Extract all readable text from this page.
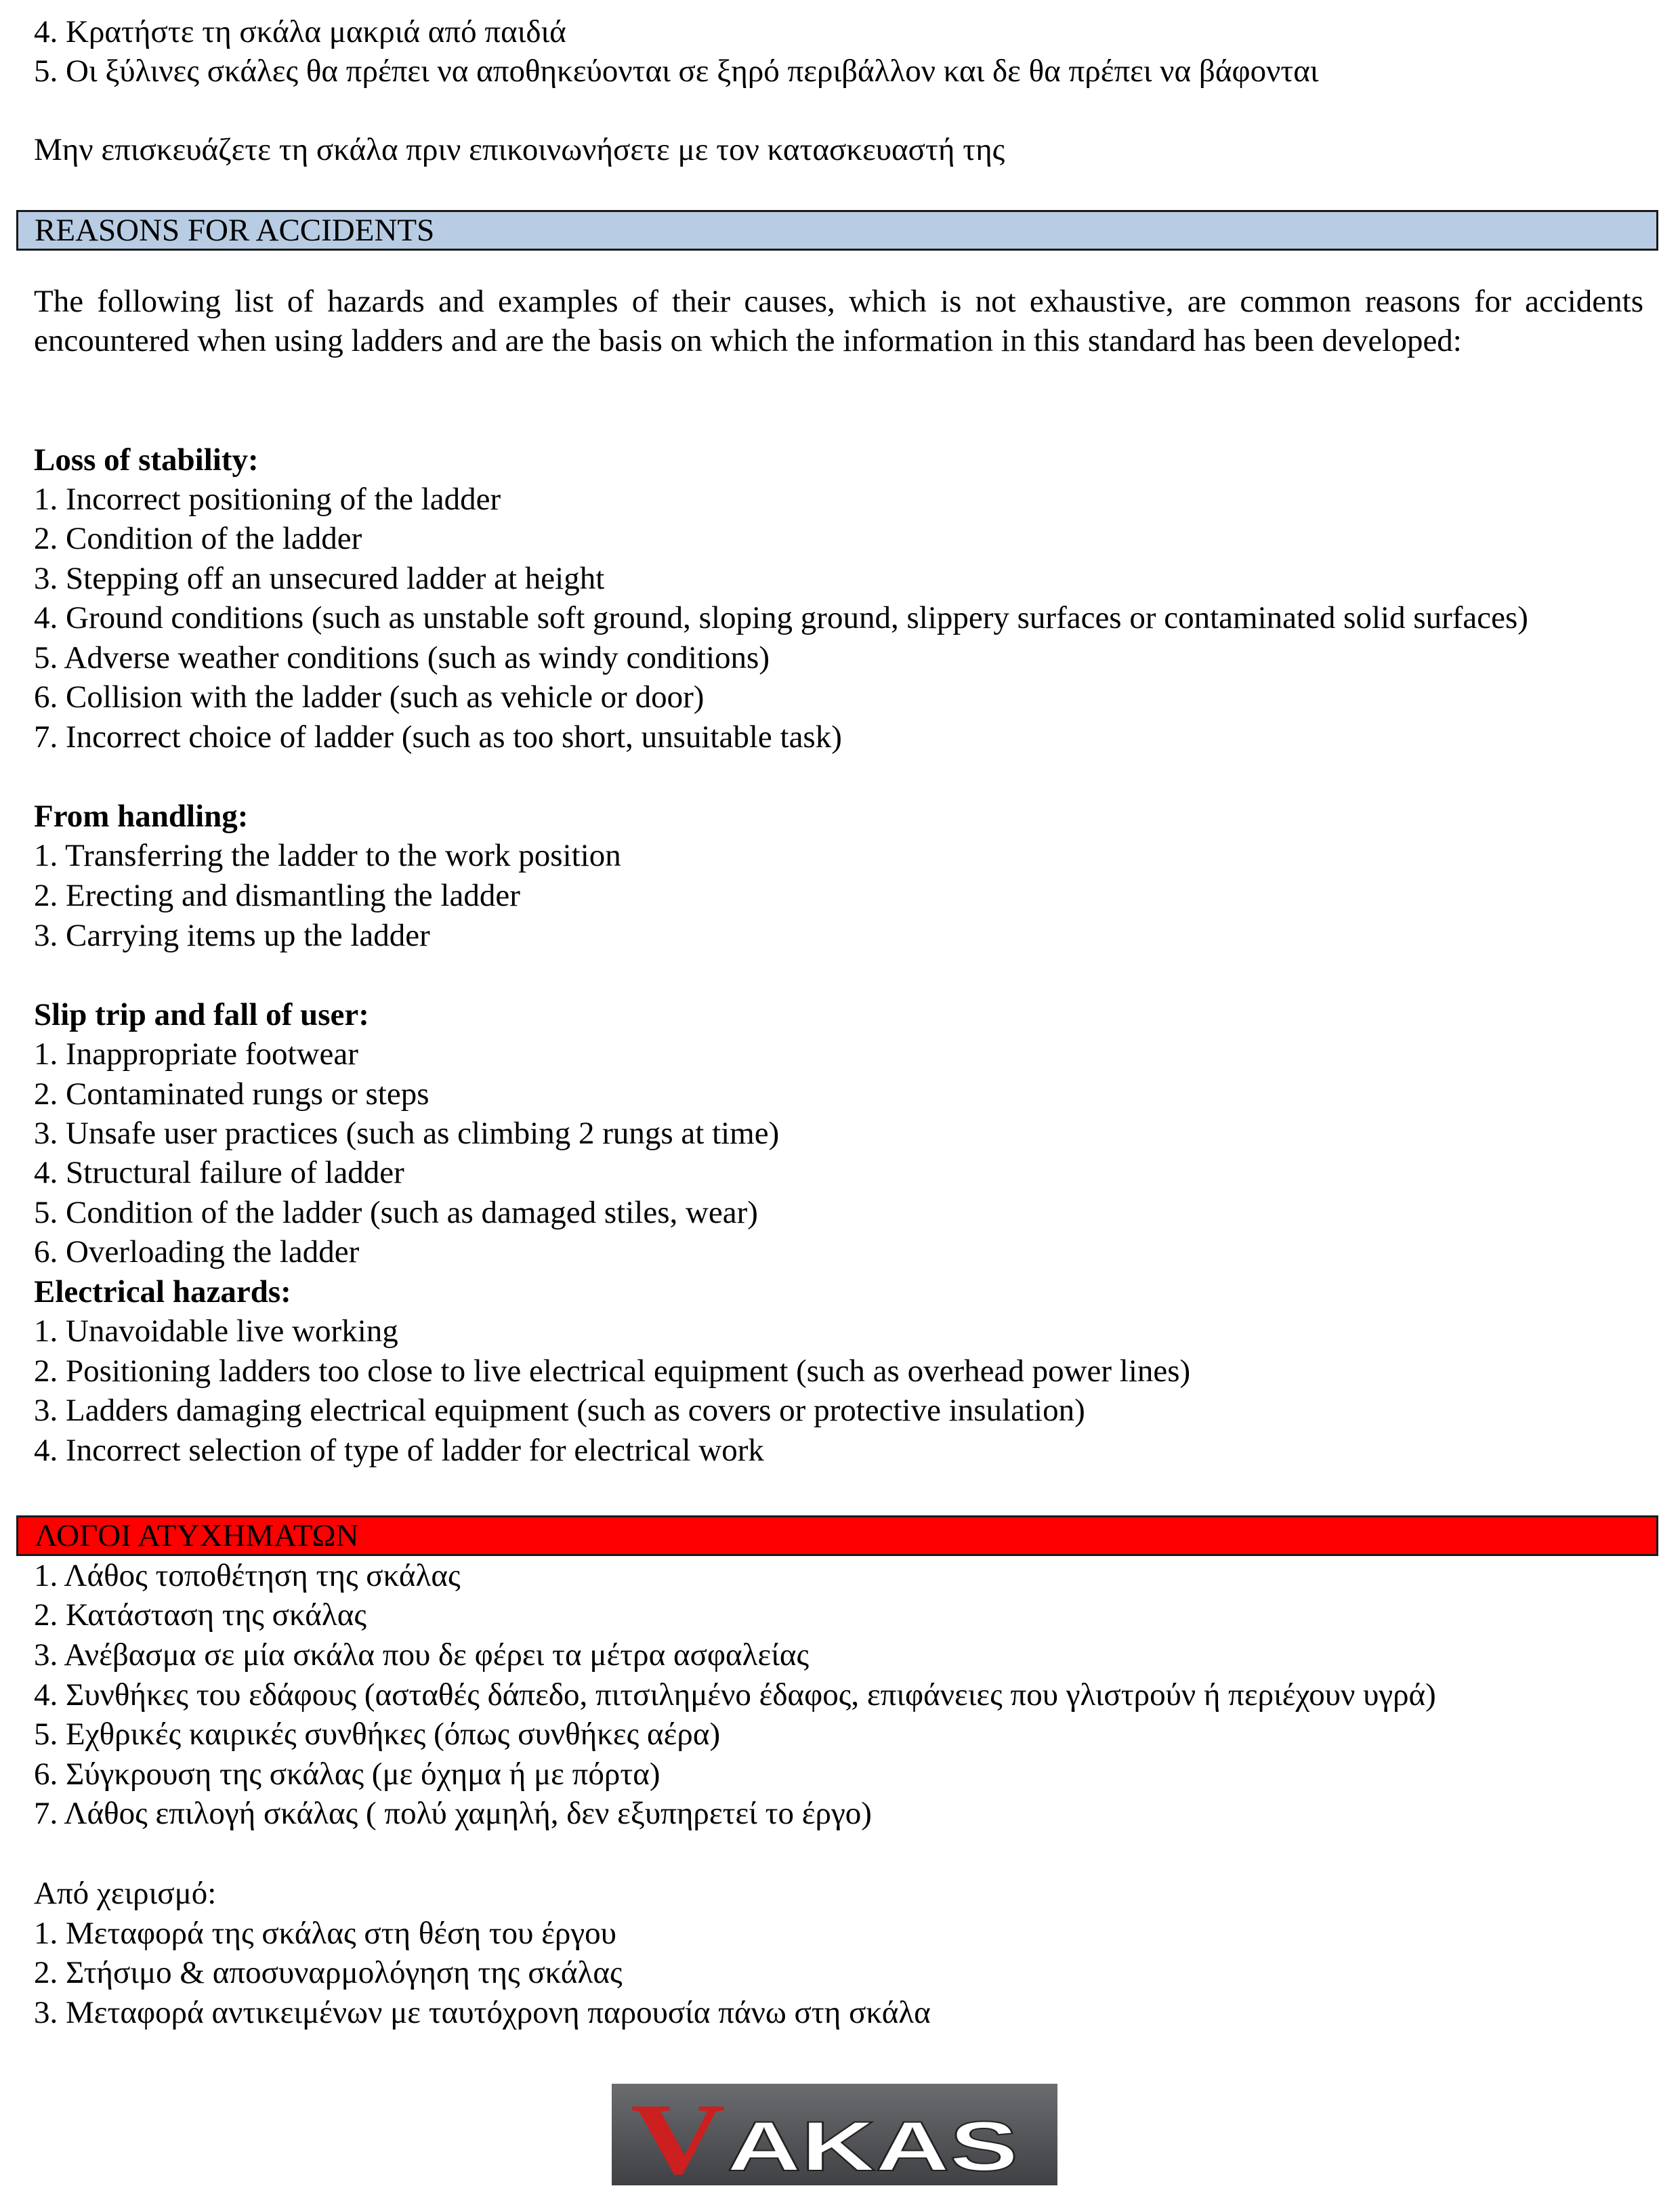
4. Κρατήστε τη σκάλα μακριά από παιδιά
5. Οι ξύλινες σκάλες θα πρέπει να αποθηκεύονται σε ξηρό περιβάλλον και δε θα πρέπει να βάφονται
Μην επισκευάζετε τη σκάλα πριν επικοινωνήσετε με τον κατασκευαστή της
REASONS FOR ACCIDENTS
The following list of hazards and examples of their causes, which is not exhaustive, are common reasons for accidents encountered when using ladders and are the basis on which the information in this standard has been developed:
Loss of stability:
1. Incorrect positioning of the ladder
2. Condition of the ladder
3. Stepping off an unsecured ladder at height
4. Ground conditions (such as unstable soft ground, sloping ground, slippery surfaces or contaminated solid surfaces)
5. Adverse weather conditions (such as windy conditions)
6. Collision with the ladder (such as vehicle or door)
7. Incorrect choice of ladder (such as too short, unsuitable task)
From handling:
1. Transferring the ladder to the work position
2. Erecting and dismantling the ladder
3. Carrying items up the ladder
Slip trip and fall of user:
1. Inappropriate footwear
2. Contaminated rungs or steps
3. Unsafe user practices (such as climbing 2 rungs at time)
4. Structural failure of ladder
5. Condition of the ladder (such as damaged stiles, wear)
6. Overloading the ladder
Electrical hazards:
1. Unavoidable live working
2. Positioning ladders too close to live electrical equipment (such as overhead power lines)
3. Ladders damaging electrical equipment (such as covers or protective insulation)
4. Incorrect selection of type of ladder for electrical work
ΛΟΓΟΙ ΑΤΥΧΗΜΑΤΩΝ
1. Λάθος τοποθέτηση της σκάλας
2. Κατάσταση της σκάλας
3. Ανέβασμα σε μία σκάλα που δε φέρει τα μέτρα ασφαλείας
4. Συνθήκες του εδάφους (ασταθές δάπεδο, πιτσιλημένο έδαφος, επιφάνειες που γλιστρούν ή περιέχουν υγρά)
5. Εχθρικές καιρικές συνθήκες (όπως συνθήκες αέρα)
6. Σύγκρουση της σκάλας (με όχημα ή με πόρτα)
7. Λάθος επιλογή σκάλας ( πολύ χαμηλή, δεν εξυπηρετεί το έργο)
Από χειρισμό:
1. Μεταφορά της σκάλας στη θέση του έργου
2. Στήσιμο & αποσυναρμολόγηση της σκάλας
3. Μεταφορά αντικειμένων με ταυτόχρονη παρουσία πάνω στη σκάλα
V AKAS
